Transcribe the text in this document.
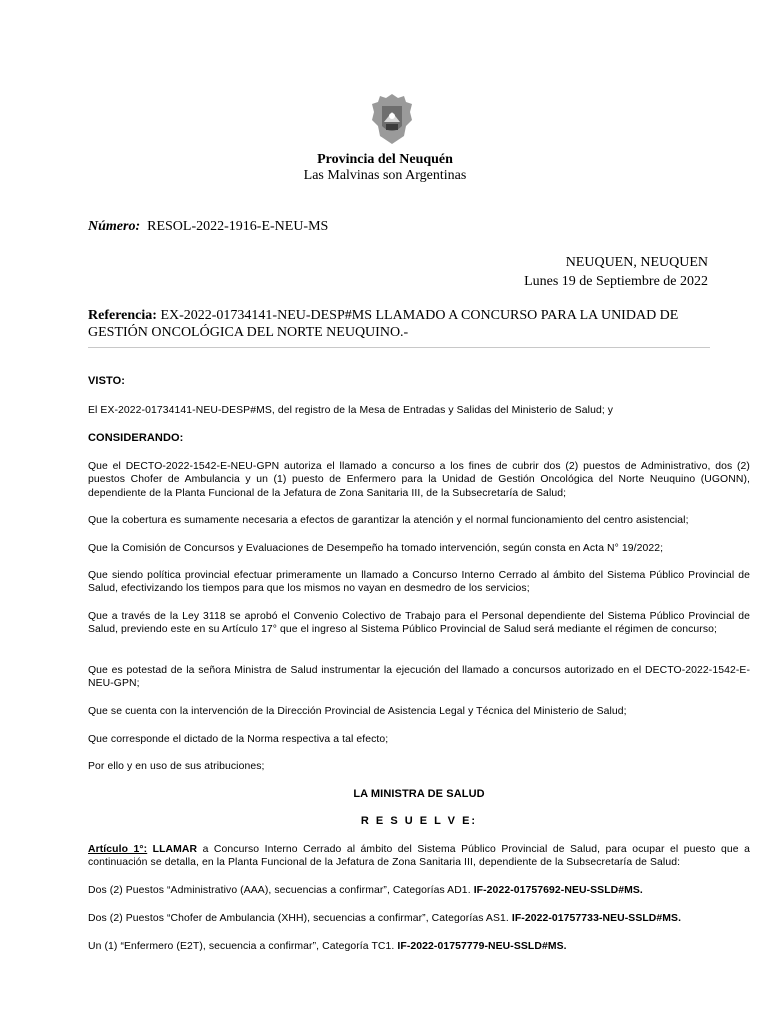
Provincia del Neuquén
Las Malvinas son Argentinas
Número: RESOL-2022-1916-E-NEU-MS
NEUQUEN, NEUQUEN
Lunes 19 de Septiembre de 2022
Referencia: EX-2022-01734141-NEU-DESP#MS LLAMADO A CONCURSO PARA LA UNIDAD DE GESTIÓN ONCOLÓGICA DEL NORTE NEUQUINO.-
VISTO:
El EX-2022-01734141-NEU-DESP#MS, del registro de la Mesa de Entradas y Salidas del Ministerio de Salud; y
CONSIDERANDO:
Que el DECTO-2022-1542-E-NEU-GPN autoriza el llamado a concurso a los fines de cubrir dos (2) puestos de Administrativo, dos (2) puestos Chofer de Ambulancia y un (1) puesto de Enfermero para la Unidad de Gestión Oncológica del Norte Neuquino (UGONN), dependiente de la Planta Funcional de la Jefatura de Zona Sanitaria III, de la Subsecretaría de Salud;
Que la cobertura es sumamente necesaria a efectos de garantizar la atención y el normal funcionamiento del centro asistencial;
Que la Comisión de Concursos y Evaluaciones de Desempeño ha tomado intervención, según consta en Acta N° 19/2022;
Que siendo política provincial efectuar primeramente un llamado a Concurso Interno Cerrado al ámbito del Sistema Público Provincial de Salud, efectivizando los tiempos para que los mismos no vayan en desmedro de los servicios;
Que a través de la Ley 3118 se aprobó el Convenio Colectivo de Trabajo para el Personal dependiente del Sistema Público Provincial de Salud, previendo este en su Artículo 17° que el ingreso al Sistema Público Provincial de Salud será mediante el régimen de concurso;
Que es potestad de la señora Ministra de Salud instrumentar la ejecución del llamado a concursos autorizado en el DECTO-2022-1542-E-NEU-GPN;
Que se cuenta con la intervención de la Dirección Provincial de Asistencia Legal y Técnica del Ministerio de Salud;
Que corresponde el dictado de la Norma respectiva a tal efecto;
Por ello y en uso de sus atribuciones;
LA MINISTRA DE SALUD
R E S U E L V E:
Artículo 1°: LLAMAR a Concurso Interno Cerrado al ámbito del Sistema Público Provincial de Salud, para ocupar el puesto que a continuación se detalla, en la Planta Funcional de la Jefatura de Zona Sanitaria III, dependiente de la Subsecretaría de Salud:
Dos (2) Puestos “Administrativo (AAA), secuencias a confirmar”, Categorías AD1. IF-2022-01757692-NEU-SSLD#MS.
Dos (2) Puestos “Chofer de Ambulancia (XHH), secuencias a confirmar”, Categorías AS1. IF-2022-01757733-NEU-SSLD#MS.
Un (1) “Enfermero (E2T), secuencia a confirmar”, Categoría TC1. IF-2022-01757779-NEU-SSLD#MS.
